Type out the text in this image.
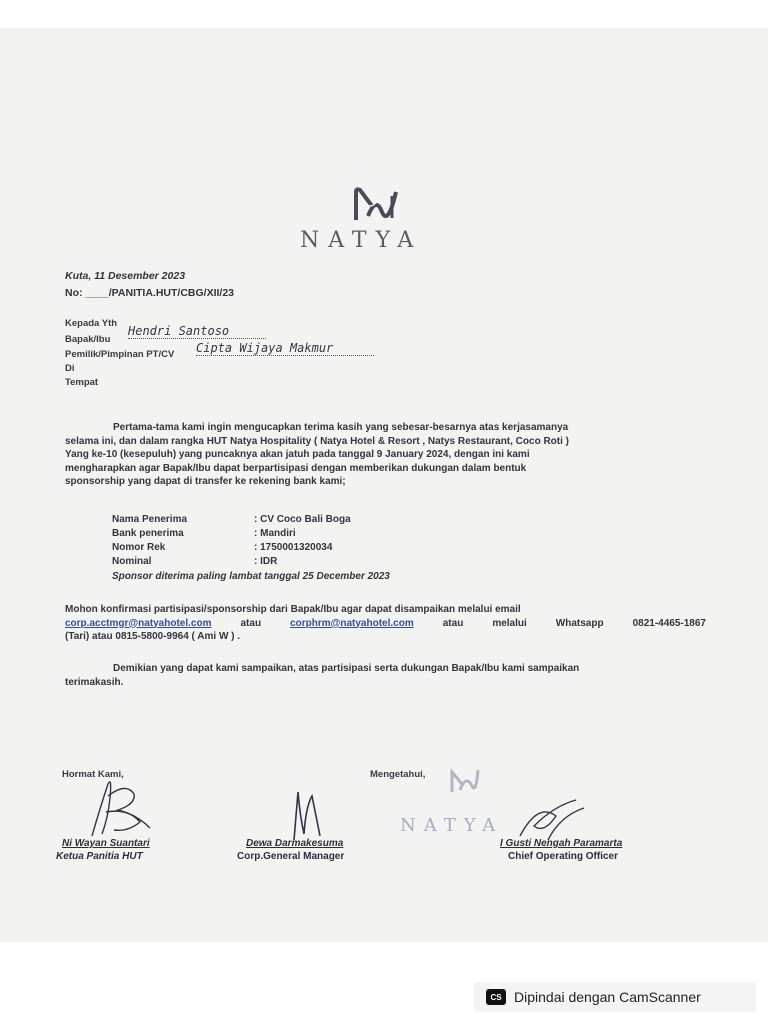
NATYA
Kuta, 11 Desember 2023
No: ____/PANITIA.HUT/CBG/XII/23
Kepada Yth
Bapak/Ibu
Hendri Santoso
Pemilik/Pimpinan PT/CV Cipta Wijaya Makmur
Di
Tempat
Pertama-tama kami ingin mengucapkan terima kasih yang sebesar-besarnya atas kerjasamanya
selama ini, dan dalam rangka HUT Natya Hospitality ( Natya Hotel & Resort , Natys Restaurant, Coco Roti )
Yang ke-10 (kesepuluh) yang puncaknya akan jatuh pada tanggal 9 January 2024, dengan ini kami
mengharapkan agar Bapak/Ibu dapat berpartisipasi dengan memberikan dukungan dalam bentuk
sponsorship yang dapat di transfer ke rekening bank kami;
Nama Penerima	: CV Coco Bali Boga
Bank penerima	: Mandiri
Nomor Rek	: 1750001320034
Nominal	: IDR
Sponsor diterima paling lambat tanggal 25 December 2023
Mohon konfirmasi partisipasi/sponsorship dari Bapak/Ibu agar dapat disampaikan melalui email
corp.acctmgr@natyahotel.com	atau	corphrm@natyahotel.com	atau melalui Whatsapp 0821-4465-1867
(Tari) atau 0815-5800-9964 ( Ami W ) .
Demikian yang dapat kami sampaikan, atas partisipasi serta dukungan Bapak/Ibu kami sampaikan
terimakasih.
Hormat Kami,	Mengetahui,
NATYA
Ni Wayan Suantari
Ketua Panitia HUT
Dewa Darmakesuma
Corp.General Manager
I Gusti Nengah Paramarta
Chief Operating Officer
CS Dipindai dengan CamScanner
